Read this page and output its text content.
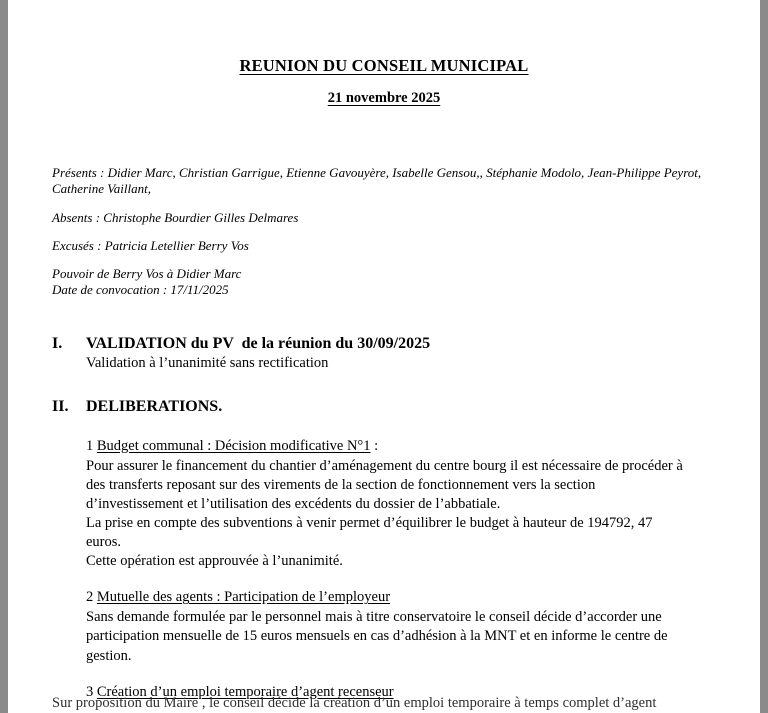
REUNION DU CONSEIL MUNICIPAL
21 novembre 2025

Présents : Didier Marc, Christian Garrigue, Etienne Gavouyère, Isabelle Gensou,, Stéphanie Modolo, Jean-Philippe Peyrot,
Catherine Vaillant,

Absents : Christophe Bourdier Gilles Delmares

Excusés : Patricia Letellier Berry Vos

Pouvoir de Berry Vos à Didier Marc

Date de convocation : 17/11/2025

I.	VALIDATION du PV  de la réunion du 30/09/2025
Validation à l’unanimité sans rectification
II.	DELIBERATIONS.

1 Budget communal : Décision modificative N°1 :

Pour assurer le financement du chantier d’aménagement du centre bourg il est nécessaire de procéder à
des transferts reposant sur des virements de la section de fonctionnement vers la section
d’investissement et l’utilisation des excédents du dossier de l’abbatiale.
La prise en compte des subventions à venir permet d’équilibrer le budget à hauteur de 194792, 47
euros.
Cette opération est approuvée à l’unanimité.

2 Mutuelle des agents : Participation de l’employeur

Sans demande formulée par le personnel mais à titre conservatoire le conseil décide d’accorder une
participation mensuelle de 15 euros mensuels en cas d’adhésion à la MNT et en informe le centre de
gestion.

3 Création d’un emploi temporaire d’agent recenseur

Sur proposition du Maire , le conseil décide la création d’un emploi temporaire à temps complet d’agent
